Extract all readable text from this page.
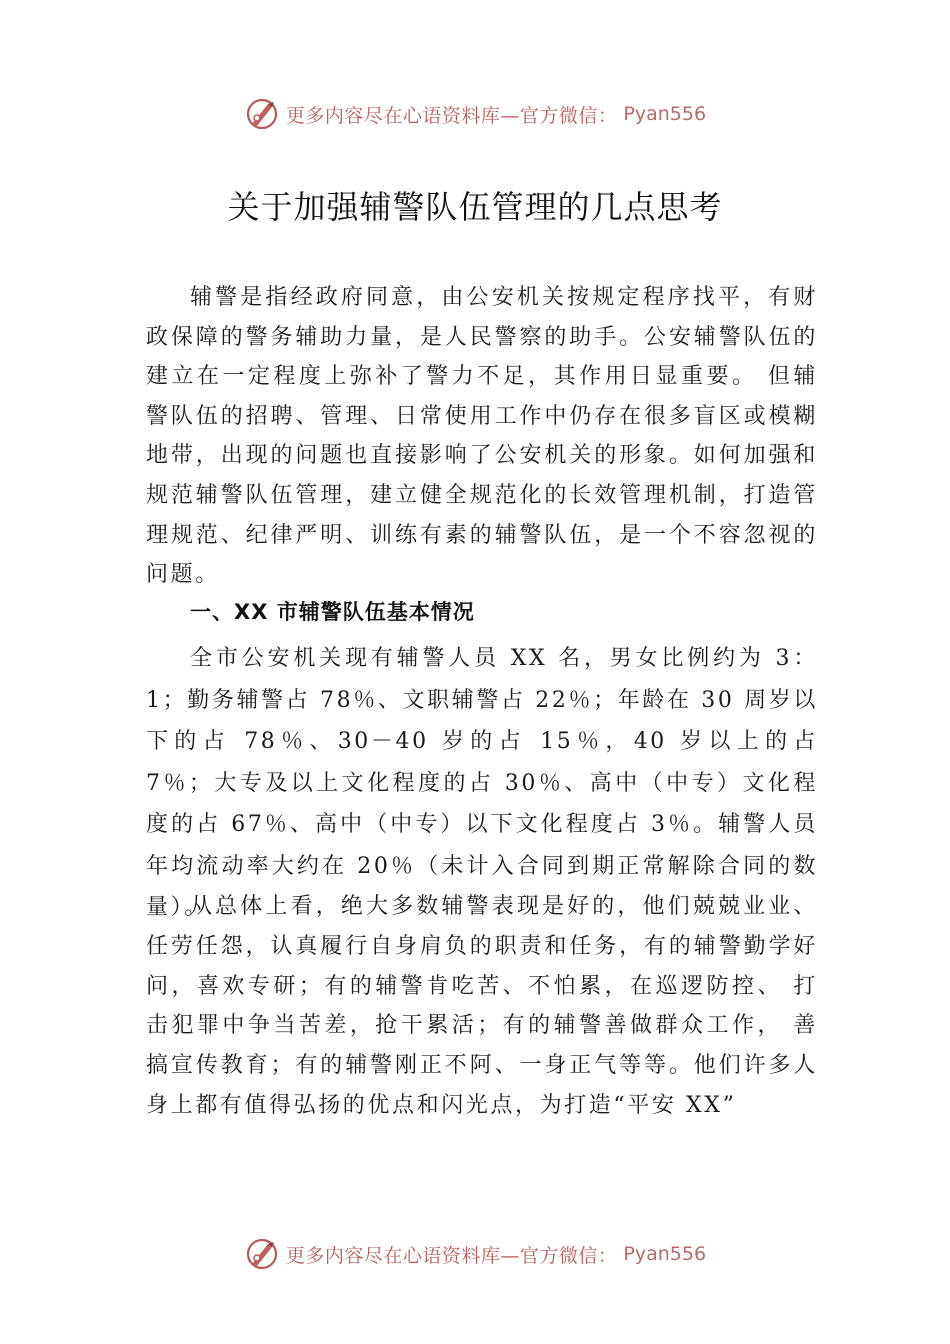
更多内容尽在心语资料库—官方微信： Pyan556
关于加强辅警队伍管理的几点思考

辅警是指经政府同意，由公安机关按规定程序找平，有财政保障的警务辅助力量，是人民警察的助手。公安辅警队伍的建立在一定程度上弥补了警力不足，其作用日显重要。 但辅警队伍的招聘、管理、日常使用工作中仍存在很多盲区或模糊地带，出现的问题也直接影响了公安机关的形象。如何加强和规范辅警队伍管理，建立健全规范化的长效管理机制，打造管理规范、纪律严明、训练有素的辅警队伍，是一个不容忽视的问题。

一、XX 市辅警队伍基本情况

全市公安机关现有辅警人员 XX 名，男女比例约为 3：1；勤务辅警占 78％、文职辅警占 22％；年龄在 30 周岁以下的占 78％、30－40 岁的占 15％，40 岁以上的占 7％；大专及以上文化程度的占 30％、高中（中专）文化程度的占 67％、高中（中专）以下文化程度占 3％。辅警人员年均流动率大约在 20％（未计入合同到期正常解除合同的数量）。

从总体上看，绝大多数辅警表现是好的，他们兢兢业业、任劳任怨，认真履行自身肩负的职责和任务，有的辅警勤学好问，喜欢专研；有的辅警肯吃苦、不怕累，在巡逻防控、 打击犯罪中争当苦差，抢干累活；有的辅警善做群众工作， 善搞宣传教育；有的辅警刚正不阿、一身正气等等。他们许多人身上都有值得弘扬的优点和闪光点，为打造“平安 XX”

更多内容尽在心语资料库—官方微信： Pyan556
